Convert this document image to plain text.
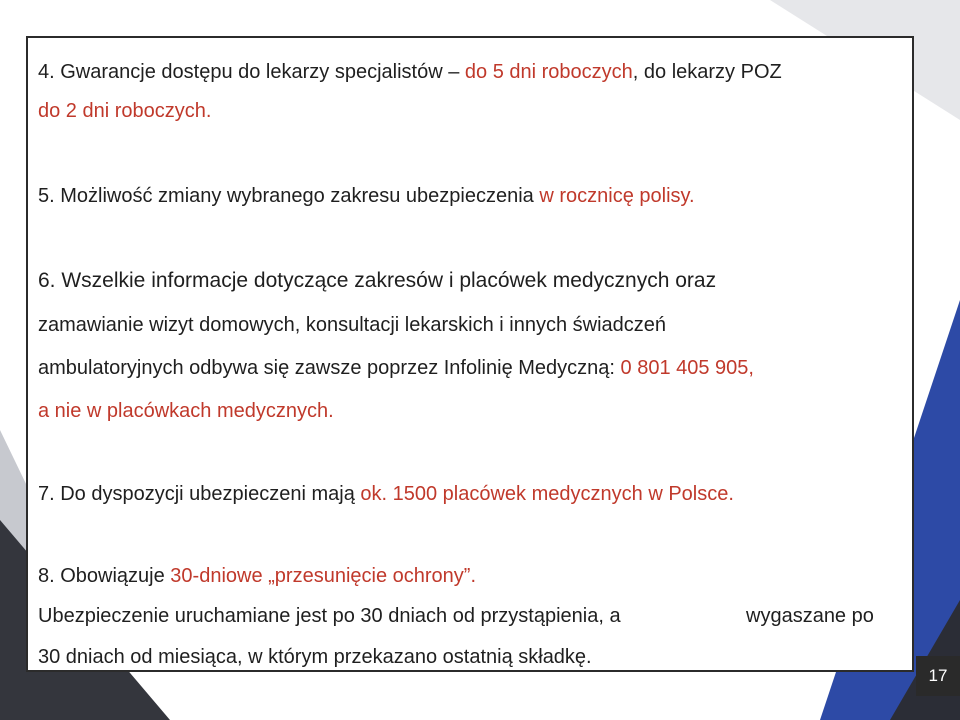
4. Gwarancje dostępu do lekarzy specjalistów – do 5 dni roboczych, do lekarzy POZ

do 2 dni roboczych.

5. Możliwość zmiany wybranego zakresu ubezpieczenia w rocznicę polisy.

6. Wszelkie informacje dotyczące zakresów i placówek medycznych oraz

zamawianie wizyt domowych, konsultacji lekarskich i innych świadczeń

ambulatoryjnych odbywa się zawsze poprzez Infolinię Medyczną: 0 801 405 905,

a nie w placówkach medycznych.

7. Do dyspozycji ubezpieczeni mają ok. 1500 placówek medycznych w Polsce.

8. Obowiązuje 30-dniowe „przesunięcie ochrony”.

Ubezpieczenie uruchamiane jest po 30 dniach od przystąpienia, a	wygaszane po

30 dniach od miesiąca, w którym przekazano ostatnią składkę.

17
